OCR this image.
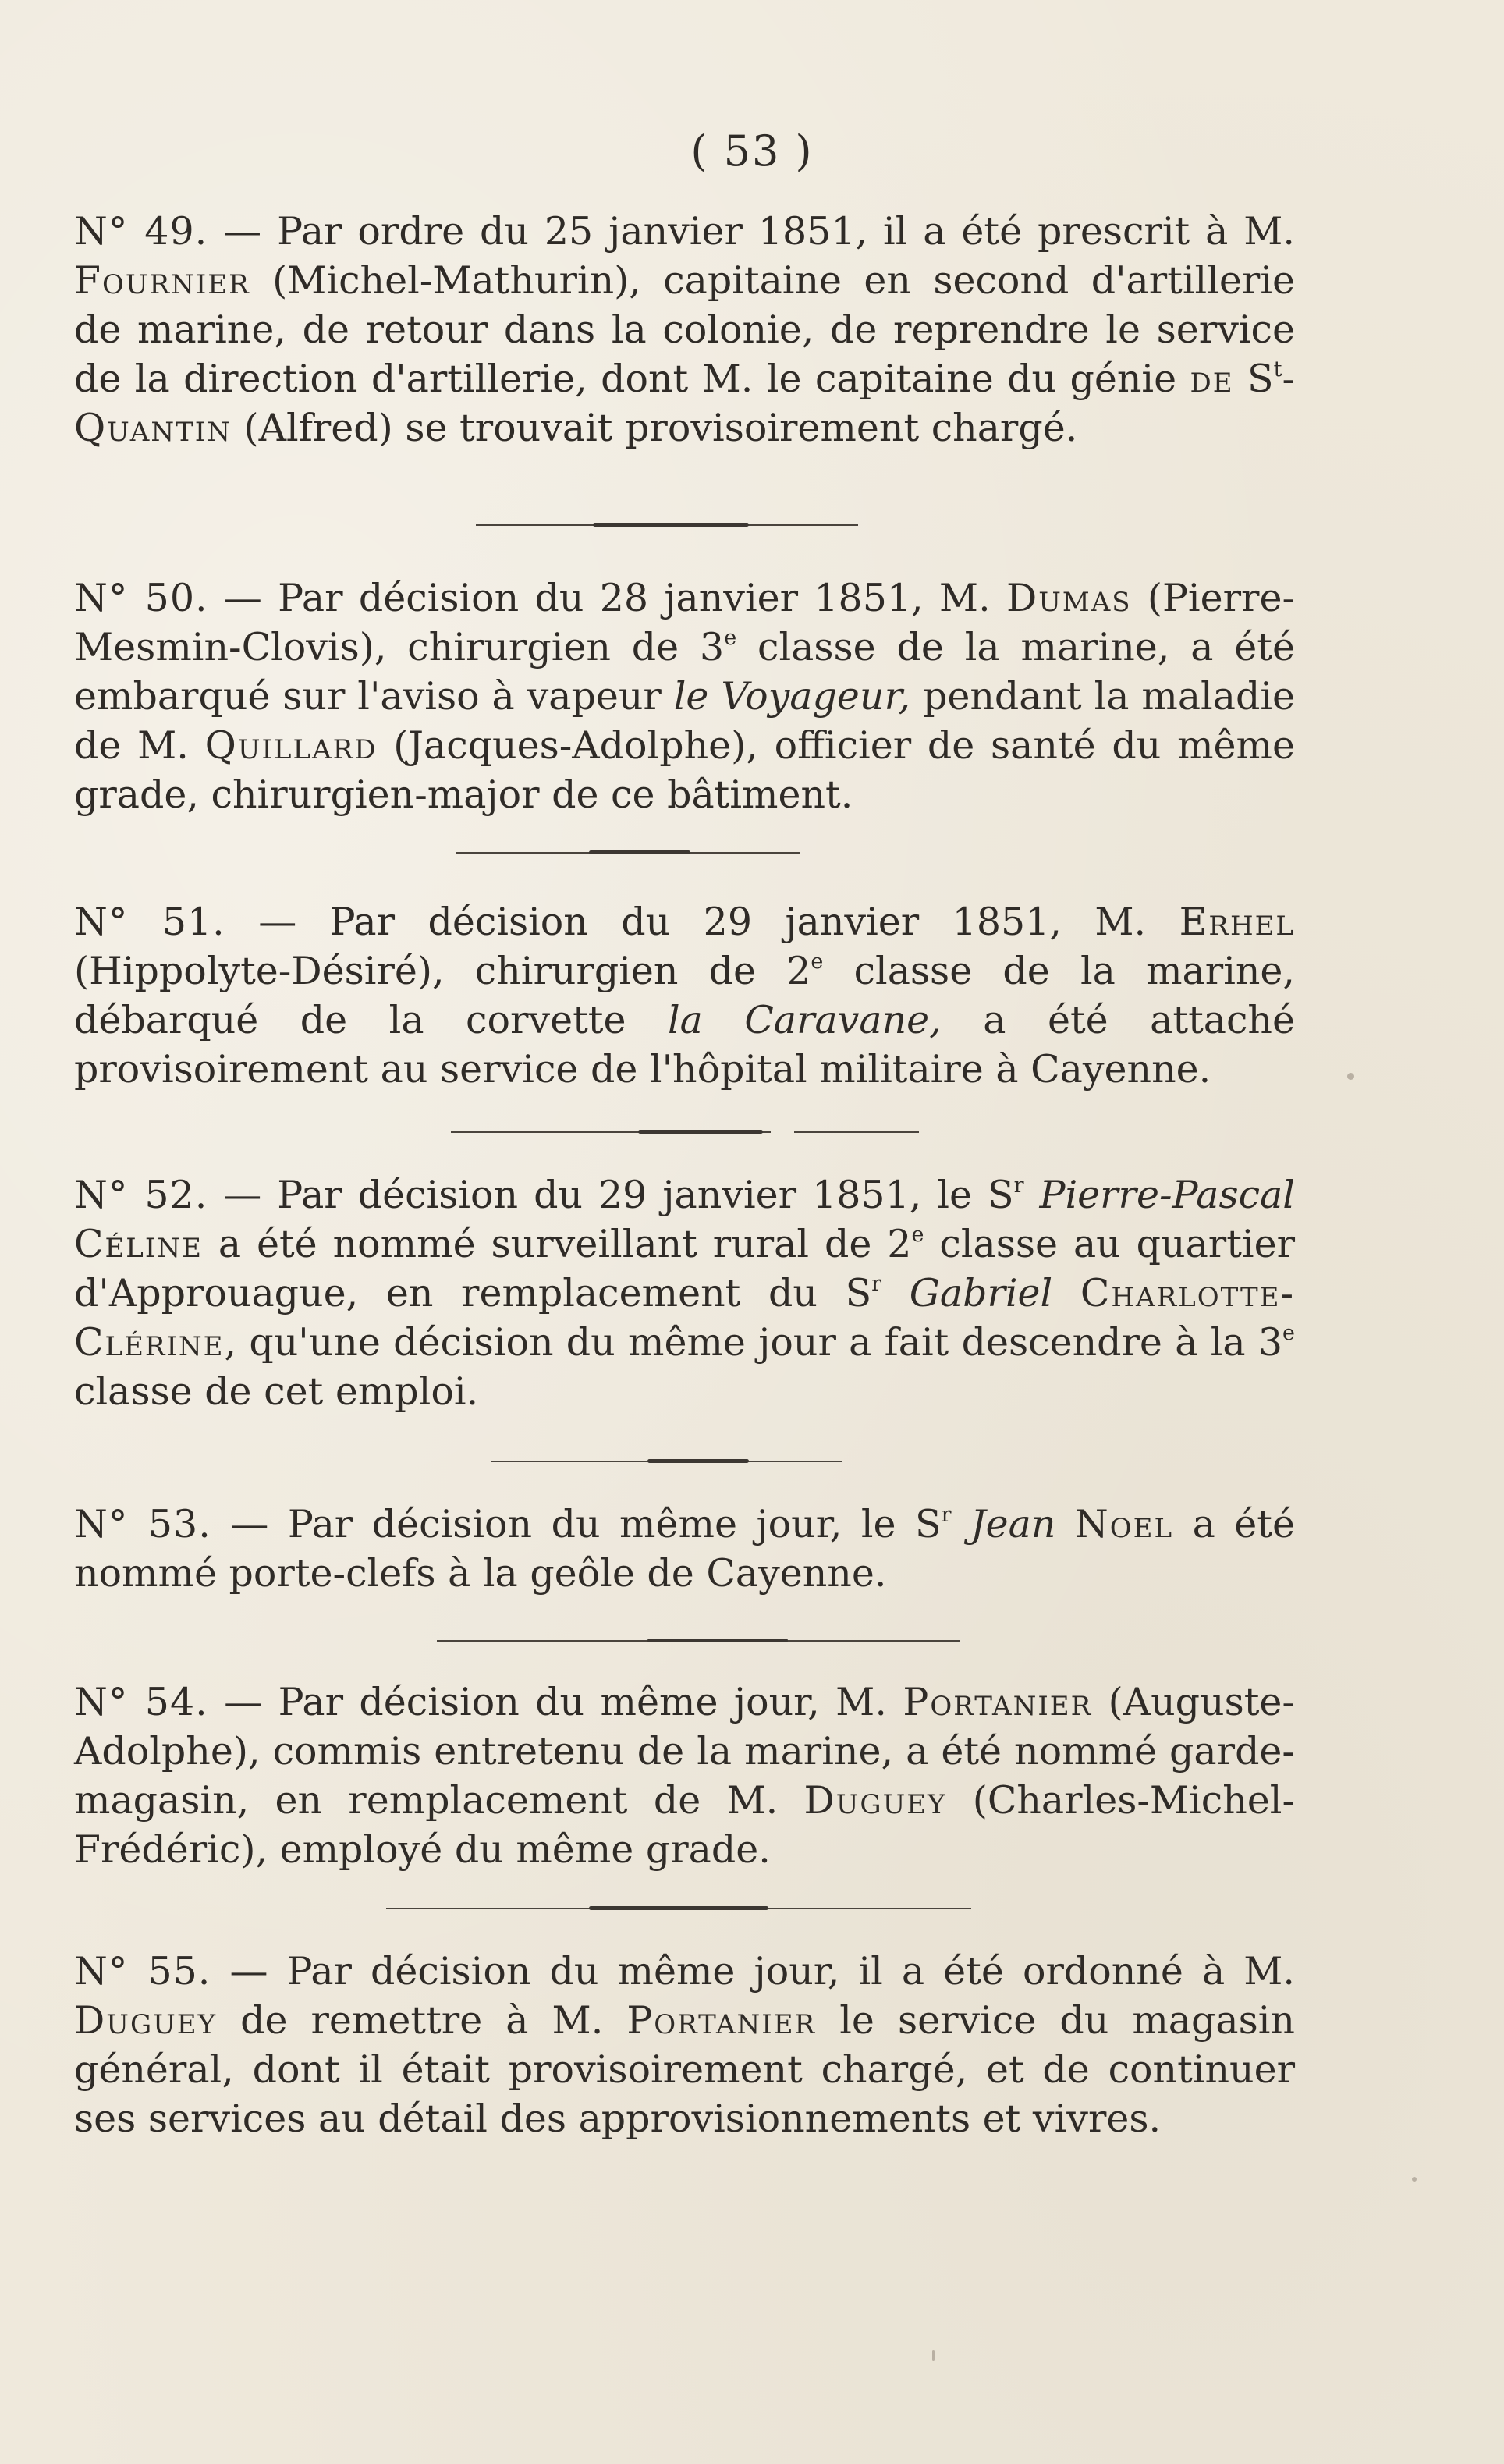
( 53 )

N° 49. — Par ordre du 25 janvier 1851, il a été prescrit à M. Fournier (Michel-Mathurin), capitaine en second d'artillerie de marine, de retour dans la colonie, de reprendre le service de la direction d'artillerie, dont M. le capitaine du génie de $S^t$-Quantin (Alfred) se trouvait provisoirement chargé.

N° 50. — Par décision du 28 janvier 1851, M. Dumas (Pierre-Mesmin-Clovis), chirurgien de 3e classe de la marine, a été embarqué sur l'aviso à vapeur le Voyageur, pendant la maladie de M. Quillard (Jacques-Adolphe), officier de santé du même grade, chirurgien-major de ce bâtiment.

N° 51. — Par décision du 29 janvier 1851, M. Erhel (Hippolyte-Désiré), chirurgien de 2e classe de la marine, débarqué de la corvette la Caravane, a été attaché provisoirement au service de l'hôpital militaire à Cayenne.

N° 52. — Par décision du 29 janvier 1851, le $S^r$ Pierre-Pascal Céline a été nommé surveillant rural de 2e classe au quartier d'Approuague, en remplacement du $S^r$ Gabriel Charlotte-Clérine, qu'une décision du même jour a fait descendre à la 3e classe de cet emploi.

N° 53. — Par décision du même jour, le $S^r$ Jean Noel a été nommé porte-clefs à la geôle de Cayenne.

N° 54. — Par décision du même jour, M. Portanier (Auguste-Adolphe), commis entretenu de la marine, a été nommé garde-magasin, en remplacement de M. Duguey (Charles-Michel-Frédéric), employé du même grade.

N° 55. — Par décision du même jour, il a été ordonné à M. Duguey de remettre à M. Portanier le service du magasin général, dont il était provisoirement chargé, et de continuer ses services au détail des approvisionnements et vivres.
